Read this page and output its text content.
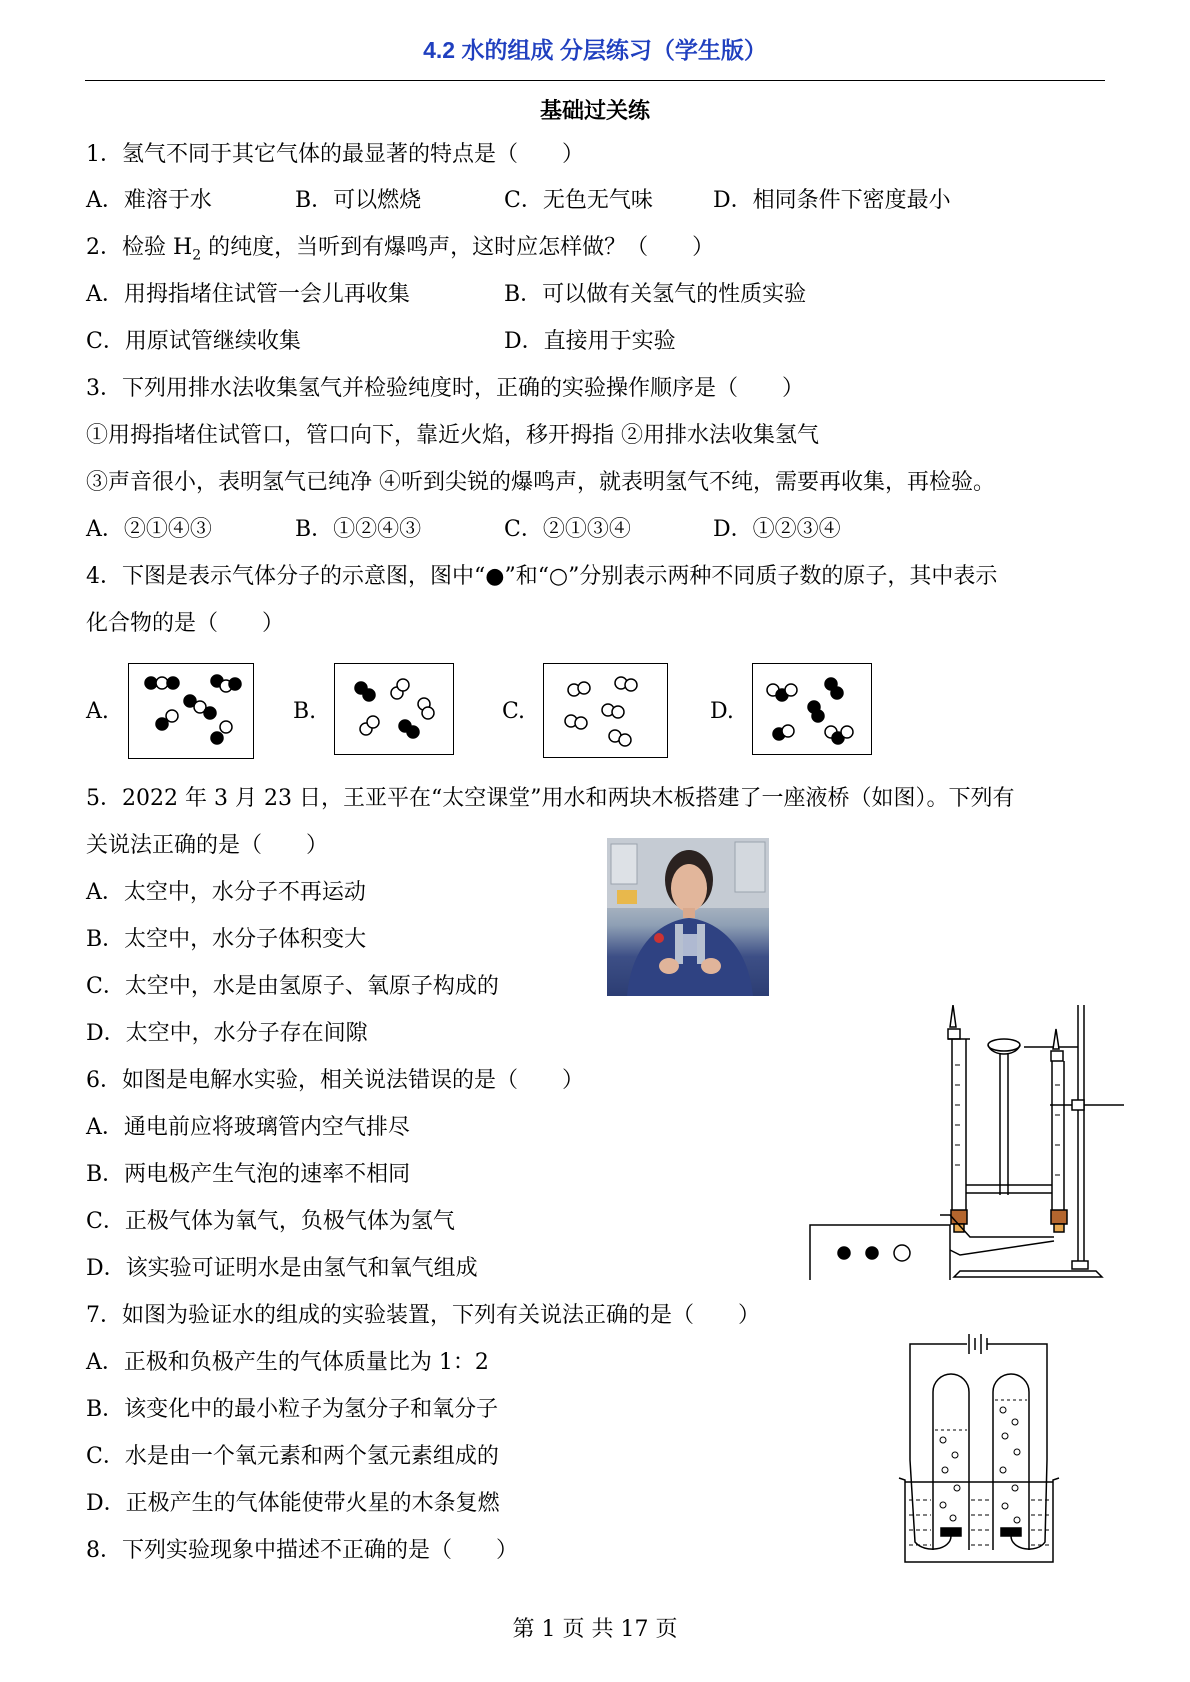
4.2 水的组成 分层练习（学生版）
基础过关练
1．氢气不同于其它气体的最显著的特点是（　　）
A．难溶于水	B．可以燃烧	C．无色无气味	D．相同条件下密度最小
2．检验 $H_2$ 的纯度，当听到有爆鸣声，这时应怎样做？（　　）
A．用拇指堵住试管一会儿再收集	B．可以做有关氢气的性质实验
C．用原试管继续收集	D．直接用于实验
3．下列用排水法收集氢气并检验纯度时，正确的实验操作顺序是（　　）
①用拇指堵住试管口，管口向下，靠近火焰，移开拇指 ②用排水法收集氢气
③声音很小，表明氢气已纯净 ④听到尖锐的爆鸣声，就表明氢气不纯，需要再收集，再检验。
A．②①④③	B．①②④③	C．②①③④	D．①②③④
4．下图是表示气体分子的示意图，图中“●”和“○”分别表示两种不同质子数的原子，其中表示
化合物的是（　　）
A.	B.	C.	D.
5．2022 年 3 月 23 日，王亚平在“太空课堂”用水和两块木板搭建了一座液桥（如图）。下列有
关说法正确的是（　　）
A．太空中，水分子不再运动
B．太空中，水分子体积变大
C．太空中，水是由氢原子、氧原子构成的
D．太空中，水分子存在间隙
6．如图是电解水实验，相关说法错误的是（　　）
A．通电前应将玻璃管内空气排尽
B．两电极产生气泡的速率不相同
C．正极气体为氧气，负极气体为氢气
D．该实验可证明水是由氢气和氧气组成
7．如图为验证水的组成的实验装置，下列有关说法正确的是（　　）
A．正极和负极产生的气体质量比为 1：2
B．该变化中的最小粒子为氢分子和氧分子
C．水是由一个氧元素和两个氢元素组成的
D．正极产生的气体能使带火星的木条复燃
8．下列实验现象中描述不正确的是（　　）
第 1 页 共 17 页
